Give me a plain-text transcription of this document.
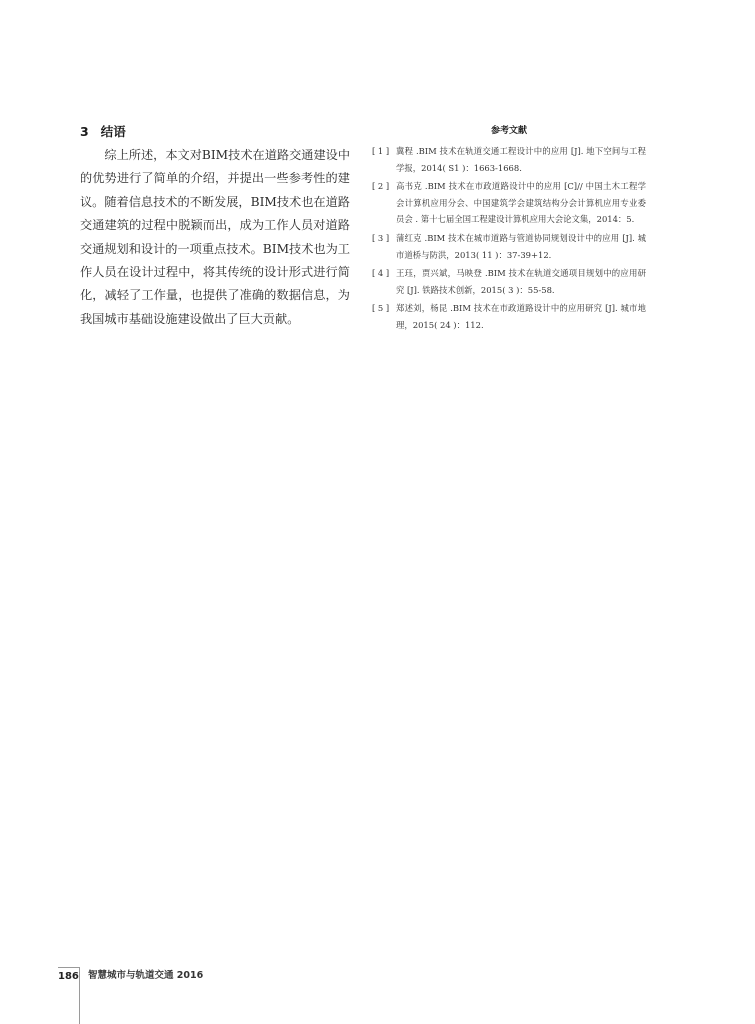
3 结语

综上所述，本文对BIM技术在道路交通建设中的优势进行了简单的介绍，并提出一些参考性的建议。随着信息技术的不断发展，BIM技术也在道路交通建筑的过程中脱颖而出，成为工作人员对道路交通规划和设计的一项重点技术。BIM技术也为工作人员在设计过程中，将其传统的设计形式进行简化，减轻了工作量，也提供了准确的数据信息，为我国城市基础设施建设做出了巨大贡献。

参考文献
[ 1 ] 冀程 .BIM 技术在轨道交通工程设计中的应用 [J]. 地下空间与工程学报，2014( S1 )：1663-1668.
[ 2 ] 高书克 .BIM 技术在市政道路设计中的应用 [C]// 中国土木工程学会计算机应用分会、中国建筑学会建筑结构分会计算机应用专业委员会 . 第十七届全国工程建设计算机应用大会论文集，2014：5.
[ 3 ] 蒲红克 .BIM 技术在城市道路与管道协同规划设计中的应用 [J]. 城市道桥与防洪，2013( 11 )：37-39+12.
[ 4 ] 王珏，贾兴斌，马映登 .BIM 技术在轨道交通项目规划中的应用研究 [J]. 铁路技术创新，2015( 3 )：55-58.
[ 5 ] 郑述刘，杨昆 .BIM 技术在市政道路设计中的应用研究 [J]. 城市地理，2015( 24 )：112.
186 智慧城市与轨道交通 2016
